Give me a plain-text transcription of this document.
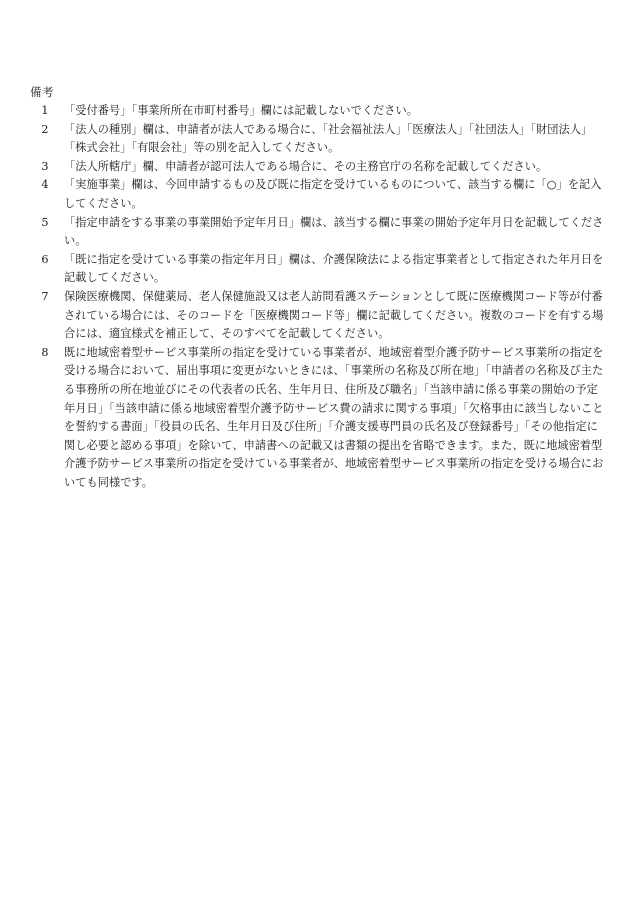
備考
1	「受付番号」「事業所所在市町村番号」欄には記載しないでください。
2	「法人の種別」欄は、申請者が法人である場合に、「社会福祉法人」「医療法人」「社団法人」「財団法人」「株式会社」「有限会社」等の別を記入してください。
3	「法人所轄庁」欄、申請者が認可法人である場合に、その主務官庁の名称を記載してください。
4	「実施事業」欄は、今回申請するもの及び既に指定を受けているものについて、該当する欄に「○」を記入してください。
5	「指定申請をする事業の事業開始予定年月日」欄は、該当する欄に事業の開始予定年月日を記載してください。
6	「既に指定を受けている事業の指定年月日」欄は、介護保険法による指定事業者として指定された年月日を記載してください。
7	保険医療機関、保健薬局、老人保健施設又は老人訪問看護ステーションとして既に医療機関コード等が付番されている場合には、そのコードを「医療機関コード等」欄に記載してください。複数のコードを有する場合には、適宜様式を補正して、そのすべてを記載してください。
8	既に地域密着型サービス事業所の指定を受けている事業者が、地域密着型介護予防サービス事業所の指定を受ける場合において、届出事項に変更がないときには、「事業所の名称及び所在地」「申請者の名称及び主たる事務所の所在地並びにその代表者の氏名、生年月日、住所及び職名」「当該申請に係る事業の開始の予定年月日」「当該申請に係る地域密着型介護予防サービス費の請求に関する事項」「欠格事由に該当しないことを誓約する書面」「役員の氏名、生年月日及び住所」「介護支援専門員の氏名及び登録番号」「その他指定に関し必要と認める事項」を除いて、申請書への記載又は書類の提出を省略できます。また、既に地域密着型介護予防サービス事業所の指定を受けている事業者が、地域密着型サービス事業所の指定を受ける場合においても同様です。
